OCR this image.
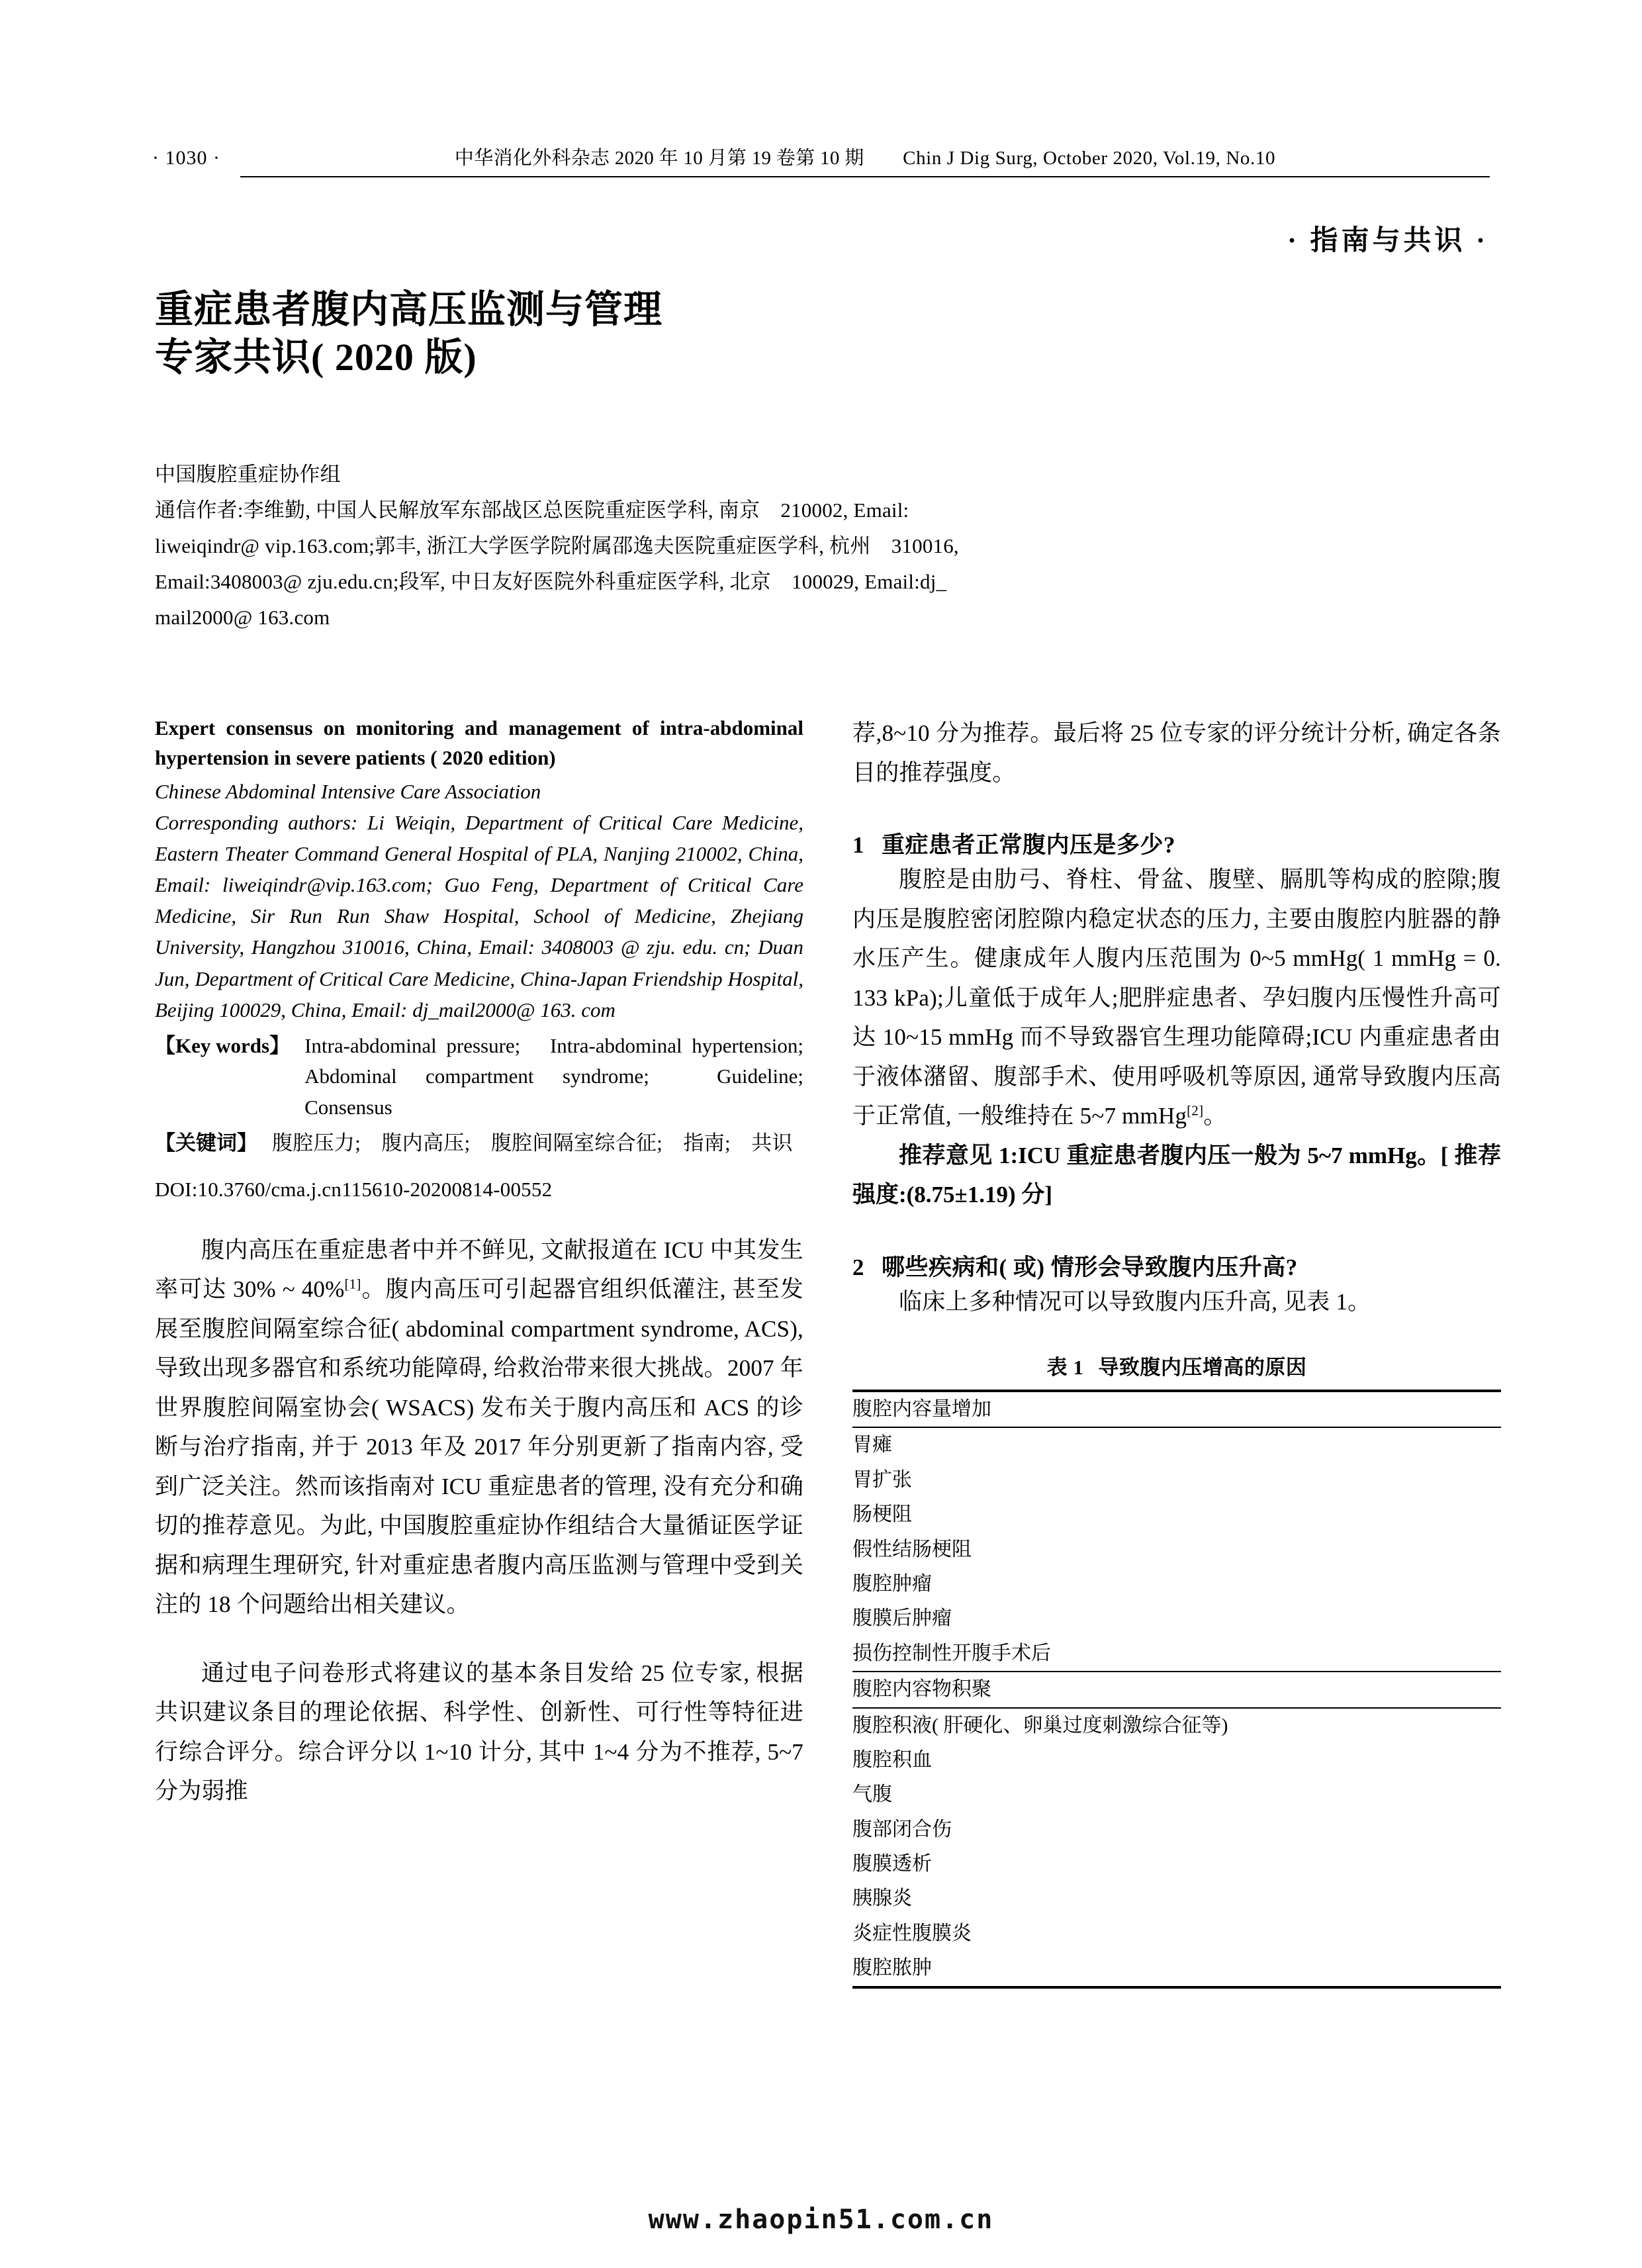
· 1030 ·	中华消化外科杂志 2020 年 10 月第 19 卷第 10 期　　 Chin J Dig Surg, October 2020, Vol.19, No.10
· 指南与共识 ·
重症患者腹内高压监测与管理
专家共识( 2020 版)
中国腹腔重症协作组
通信作者:李维勤, 中国人民解放军东部战区总医院重症医学科, 南京　210002, Email:
liweiqindr@ vip.163.com;郭丰, 浙江大学医学院附属邵逸夫医院重症医学科, 杭州　310016,
Email:3408003@ zju.edu.cn;段军, 中日友好医院外科重症医学科, 北京　100029, Email:dj_
mail2000@ 163.com
Expert consensus on monitoring and management of intra-abdominal hypertension in severe patients ( 2020 edition)
Chinese Abdominal Intensive Care Association
Corresponding authors: Li Weiqin, Department of Critical Care Medicine, Eastern Theater Command General Hospital of PLA, Nanjing 210002, China, Email: liweiqindr@vip.163.com; Guo Feng, Department of Critical Care Medicine, Sir Run Run Shaw Hospital, School of Medicine, Zhejiang University, Hangzhou 310016, China, Email: 3408003 @ zju. edu. cn; Duan Jun, Department of Critical Care Medicine, China-Japan Friendship Hospital, Beijing 100029, China, Email: dj_mail2000@ 163. com
【Key words】 Intra-abdominal pressure;　Intra-abdominal hypertension;　Abdominal compartment syndrome;　Guideline;　Consensus
【关键词】 腹腔压力;　腹内高压;　腹腔间隔室综合征;　指南;　共识
DOI:10.3760/cma.j.cn115610-20200814-00552
腹内高压在重症患者中并不鲜见, 文献报道在 ICU 中其发生率可达 30% ~ 40%[1]。腹内高压可引起器官组织低灌注, 甚至发展至腹腔间隔室综合征( abdominal compartment syndrome, ACS), 导致出现多器官和系统功能障碍, 给救治带来很大挑战。2007 年世界腹腔间隔室协会( WSACS) 发布关于腹内高压和 ACS 的诊断与治疗指南, 并于 2013 年及 2017 年分别更新了指南内容, 受到广泛关注。然而该指南对 ICU 重症患者的管理, 没有充分和确切的推荐意见。为此, 中国腹腔重症协作组结合大量循证医学证据和病理生理研究, 针对重症患者腹内高压监测与管理中受到关注的 18 个问题给出相关建议。
通过电子问卷形式将建议的基本条目发给 25 位专家, 根据共识建议条目的理论依据、科学性、创新性、可行性等特征进行综合评分。综合评分以 1~10 计分, 其中 1~4 分为不推荐, 5~7 分为弱推
荐,8~10 分为推荐。最后将 25 位专家的评分统计分析, 确定各条目的推荐强度。
1 重症患者正常腹内压是多少?
腹腔是由肋弓、脊柱、骨盆、腹壁、膈肌等构成的腔隙;腹内压是腹腔密闭腔隙内稳定状态的压力, 主要由腹腔内脏器的静水压产生。健康成年人腹内压范围为 0~5 mmHg( 1 mmHg = 0. 133 kPa);儿童低于成年人;肥胖症患者、孕妇腹内压慢性升高可达 10~15 mmHg 而不导致器官生理功能障碍;ICU 内重症患者由于液体潴留、腹部手术、使用呼吸机等原因, 通常导致腹内压高于正常值, 一般维持在 5~7 mmHg[2]。
推荐意见 1:ICU 重症患者腹内压一般为 5~7 mmHg。[ 推荐强度:(8.75±1.19) 分]
2 哪些疾病和( 或) 情形会导致腹内压升高?
临床上多种情况可以导致腹内压升高, 见表 1。
表 1 导致腹内压增高的原因
腹腔内容量增加
胃瘫
胃扩张
肠梗阻
假性结肠梗阻
腹腔肿瘤
腹膜后肿瘤
损伤控制性开腹手术后
腹腔内容物积聚
腹腔积液( 肝硬化、卵巢过度刺激综合征等)
腹腔积血
气腹
腹部闭合伤
腹膜透析
胰腺炎
炎症性腹膜炎
腹腔脓肿

www.zhaopin51.com.cn
